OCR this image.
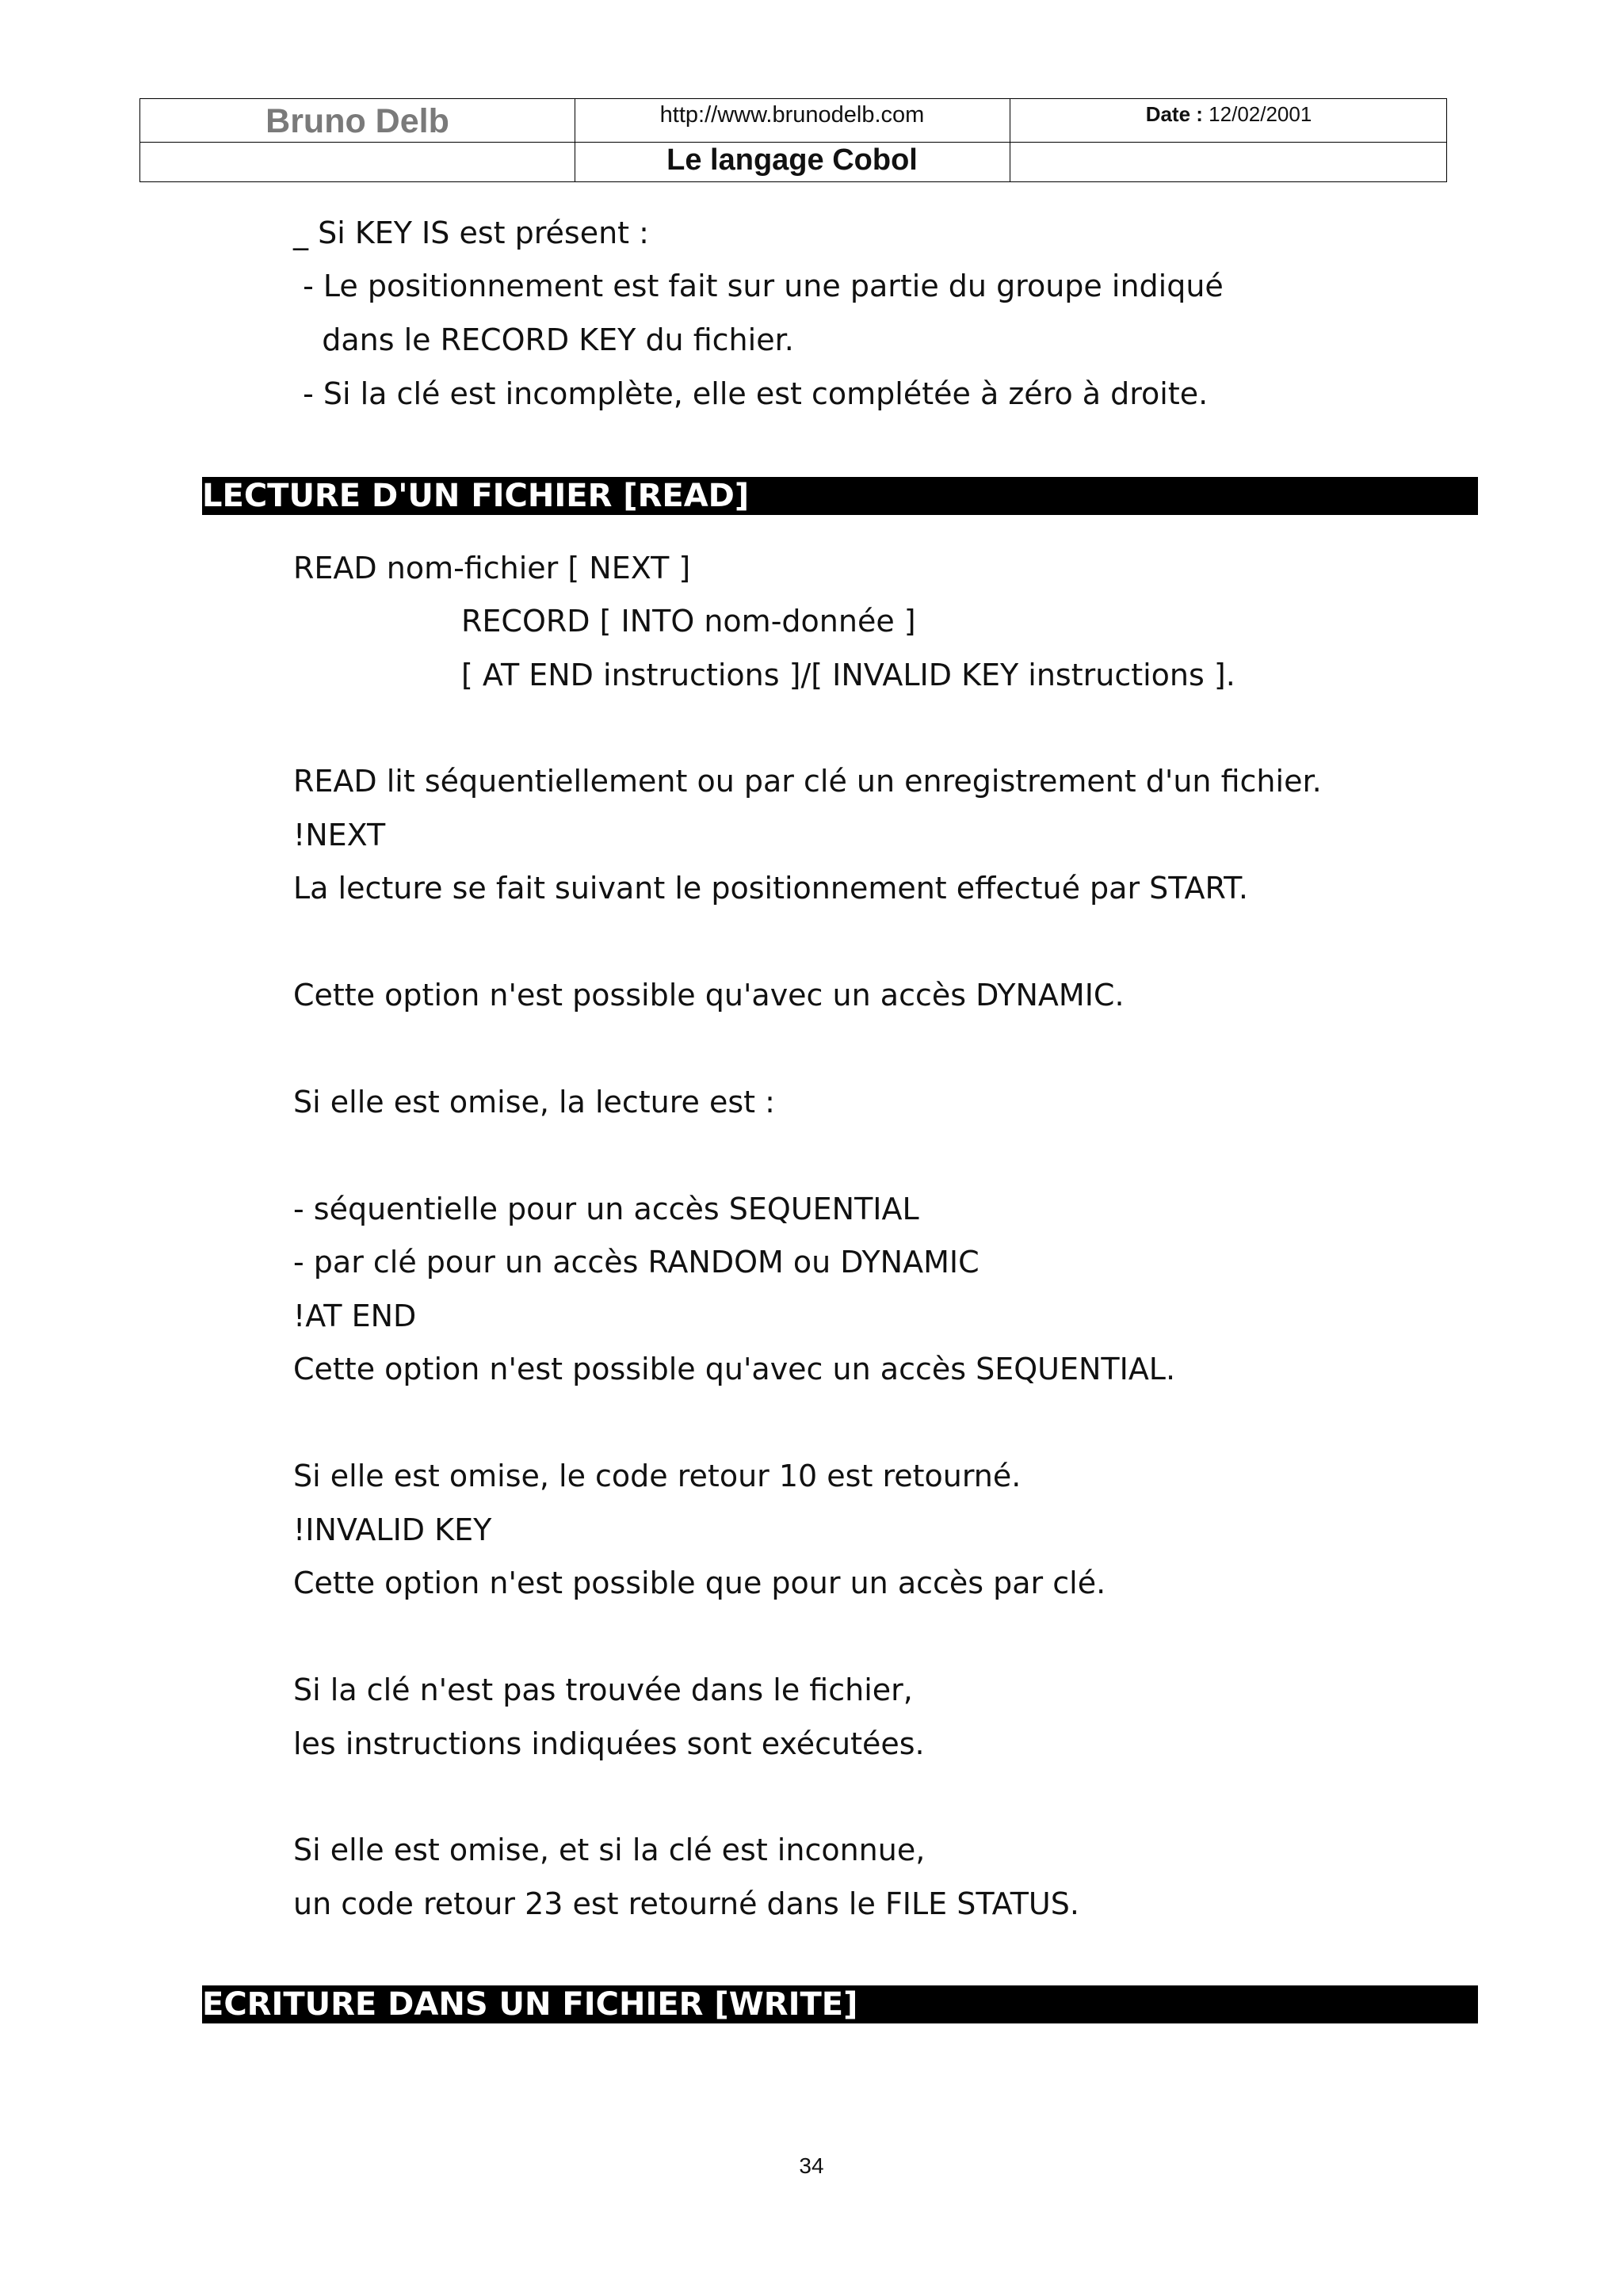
Bruno Delb	http://www.brunodelb.com	Date : 12/02/2001
Le langage Cobol
_ Si KEY IS est présent :
- Le positionnement est fait sur une partie du groupe indiqué
dans le RECORD KEY du fichier.
- Si la clé est incomplète, elle est complétée à zéro à droite.
LECTURE D'UN FICHIER [READ]
READ nom-fichier [ NEXT ]
RECORD [ INTO nom-donnée ]
[ AT END instructions ]/[ INVALID KEY instructions ].
READ lit séquentiellement ou par clé un enregistrement d'un fichier.
!NEXT
La lecture se fait suivant le positionnement effectué par START.
Cette option n'est possible qu'avec un accès DYNAMIC.
Si elle est omise, la lecture est :
- séquentielle pour un accès SEQUENTIAL
- par clé pour un accès RANDOM ou DYNAMIC
!AT END
Cette option n'est possible qu'avec un accès SEQUENTIAL.
Si elle est omise, le code retour 10 est retourné.
!INVALID KEY
Cette option n'est possible que pour un accès par clé.
Si la clé n'est pas trouvée dans le fichier,
les instructions indiquées sont exécutées.
Si elle est omise, et si la clé est inconnue,
un code retour 23 est retourné dans le FILE STATUS.
ECRITURE DANS UN FICHIER [WRITE]
34
